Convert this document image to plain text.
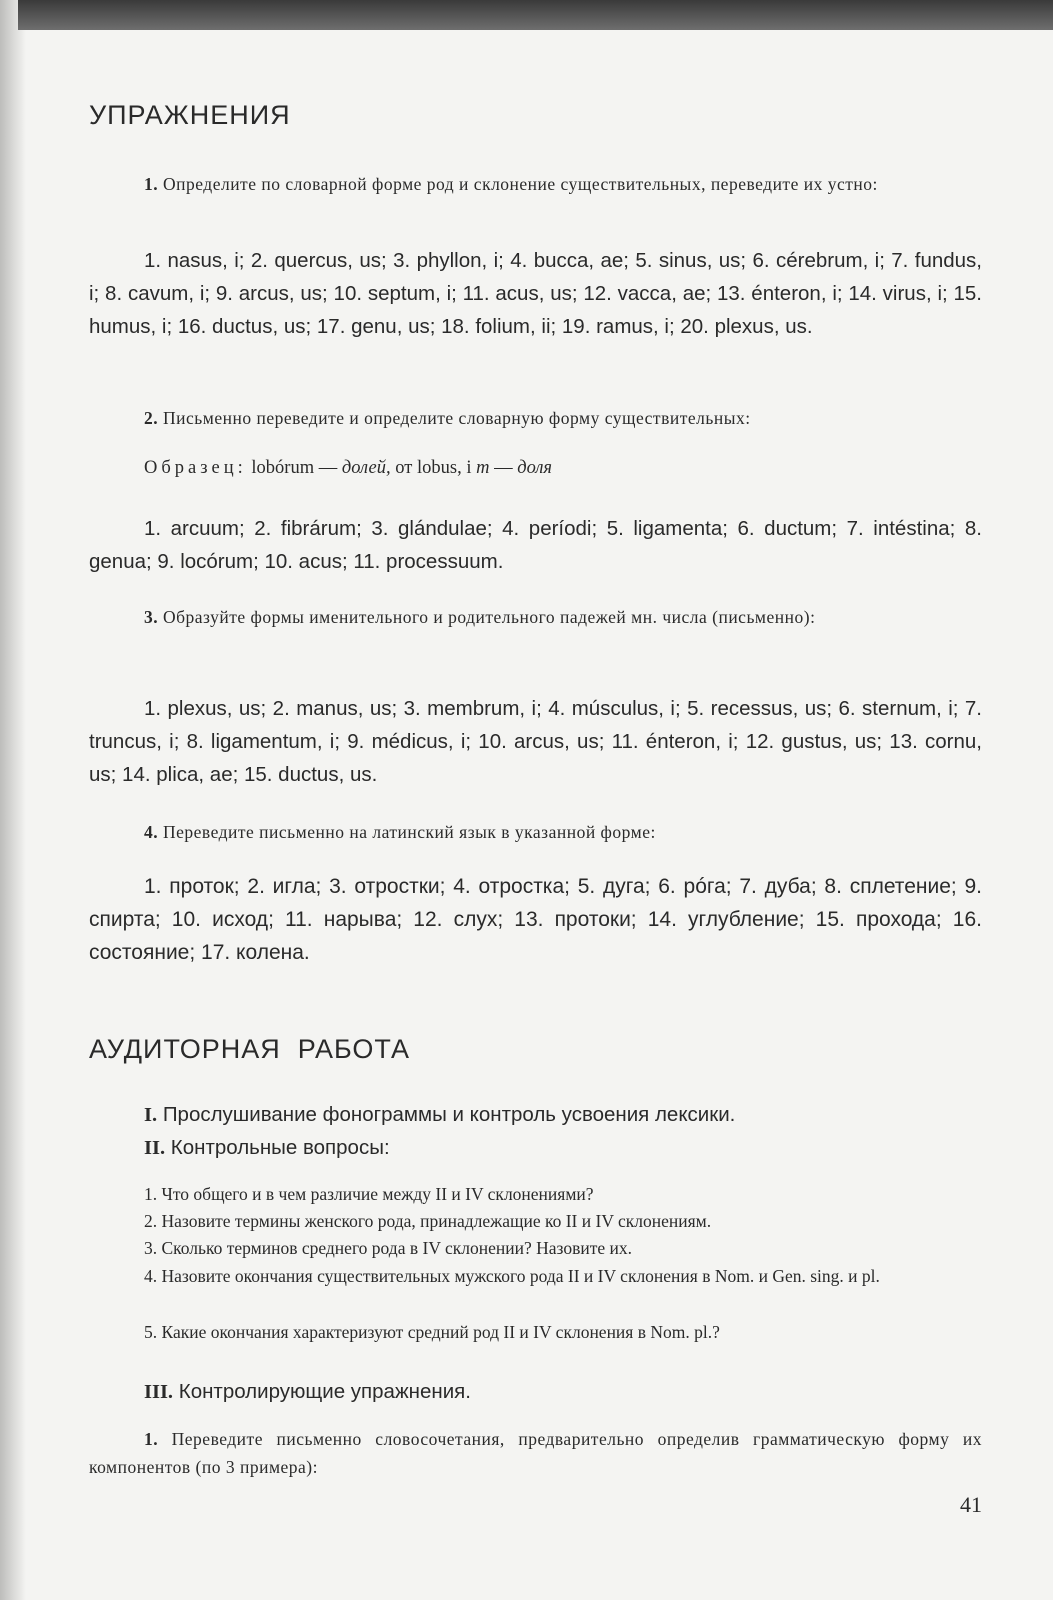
УПРАЖНЕНИЯ
1. Определите по словарной форме род и склонение существительных, переведите их устно:
1. nasus, i; 2. quercus, us; 3. phyllon, i; 4. bucca, ae; 5. sinus, us; 6. cérebrum, i; 7. fundus, i; 8. cavum, i; 9. arcus, us; 10. septum, i; 11. acus, us; 12. vacca, ae; 13. énteron, i; 14. virus, i; 15. humus, i; 16. ductus, us; 17. genu, us; 18. folium, ii; 19. ramus, i; 20. plexus, us.
2. Письменно переведите и определите словарную форму существительных:
Образец: lobórum — долей, от lobus, i m — доля
1. arcuum; 2. fibrárum; 3. glándulae; 4. períodi; 5. ligamenta; 6. ductum; 7. intéstina; 8. genua; 9. locórum; 10. acus; 11. processuum.
3. Образуйте формы именительного и родительного падежей мн. числа (письменно):
1. plexus, us; 2. manus, us; 3. membrum, i; 4. músculus, i; 5. recessus, us; 6. sternum, i; 7. truncus, i; 8. ligamentum, i; 9. médicus, i; 10. arcus, us; 11. énteron, i; 12. gustus, us; 13. cornu, us; 14. plica, ae; 15. ductus, us.
4. Переведите письменно на латинский язык в указанной форме:
1. проток; 2. игла; 3. отростки; 4. отростка; 5. дуга; 6. рóга; 7. дуба; 8. сплетение; 9. спирта; 10. исход; 11. нарыва; 12. слух; 13. протоки; 14. углубление; 15. прохода; 16. состояние; 17. колена.
АУДИТОРНАЯ  РАБОТА
I. Прослушивание фонограммы и контроль усвоения лексики.
II. Контрольные вопросы:
1. Что общего и в чем различие между II и IV склонениями?
2. Назовите термины женского рода, принадлежащие ко II и IV склонениям.
3. Сколько терминов среднего рода в IV склонении? Назовите их.
4. Назовите окончания существительных мужского рода II и IV склонения в Nom. и Gen. sing. и pl.
5. Какие окончания характеризуют средний род II и IV склонения в Nom. pl.?
III. Контролирующие упражнения.
1. Переведите письменно словосочетания, предварительно определив грамматическую форму их компонентов (по 3 примера):
41
